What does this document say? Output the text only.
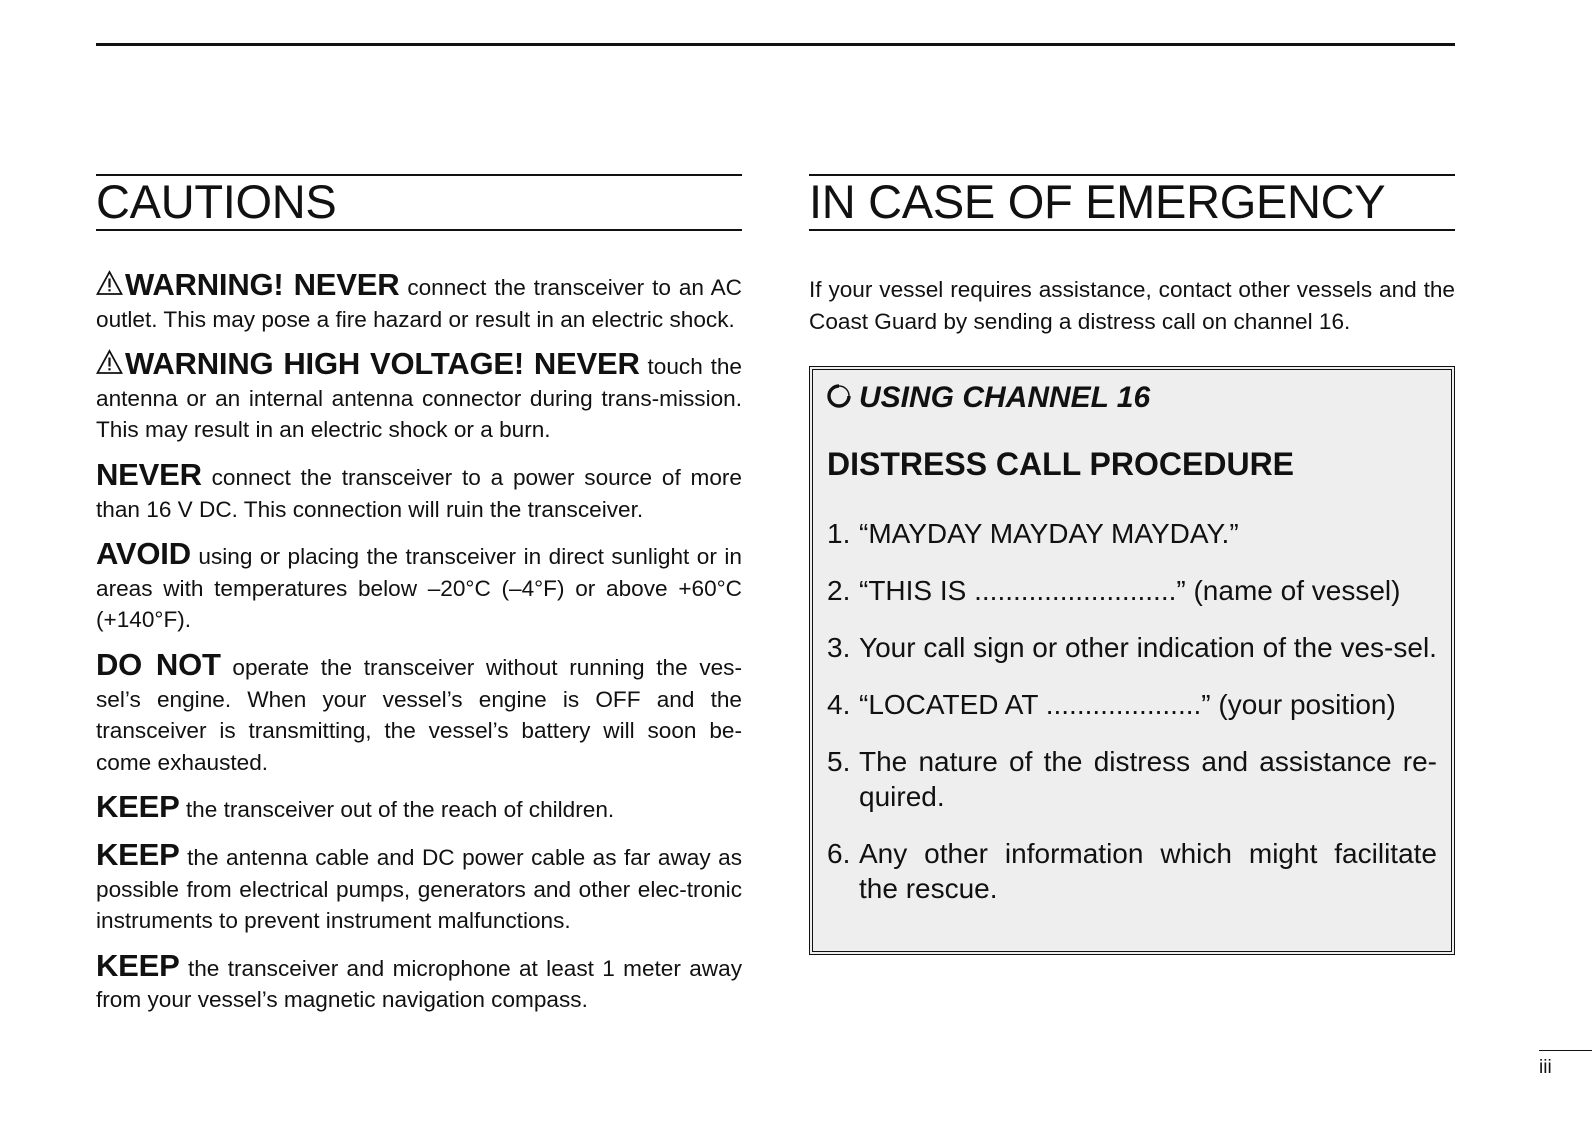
CAUTIONS

WARNING! NEVER connect the transceiver to an AC outlet. This may pose a fire hazard or result in an electric shock.

WARNING HIGH VOLTAGE! NEVER touch the antenna or an internal antenna connector during trans-mission. This may result in an electric shock or a burn.

NEVER connect the transceiver to a power source of more than 16 V DC. This connection will ruin the transceiver.

AVOID using or placing the transceiver in direct sunlight or in areas with temperatures below –20°C (–4°F) or above +60°C (+140°F).

DO NOT operate the transceiver without running the ves-sel’s engine. When your vessel’s engine is OFF and the transceiver is transmitting, the vessel’s battery will soon be-come exhausted.

KEEP the transceiver out of the reach of children.

KEEP the antenna cable and DC power cable as far away as possible from electrical pumps, generators and other elec-tronic instruments to prevent instrument malfunctions.

KEEP the transceiver and microphone at least 1 meter away from your vessel’s magnetic navigation compass.

IN CASE OF EMERGENCY
If your vessel requires assistance, contact other vessels and the Coast Guard by sending a distress call on channel 16.
USING CHANNEL 16
DISTRESS CALL PROCEDURE
1. “MAYDAY MAYDAY MAYDAY.”
2. “THIS IS ..........................” (name of vessel)
3. Your call sign or other indication of the ves-sel.
4. “LOCATED AT ....................” (your position)
5. The nature of the distress and assistance re-quired.
6. Any other information which might facilitate the rescue.
iii
